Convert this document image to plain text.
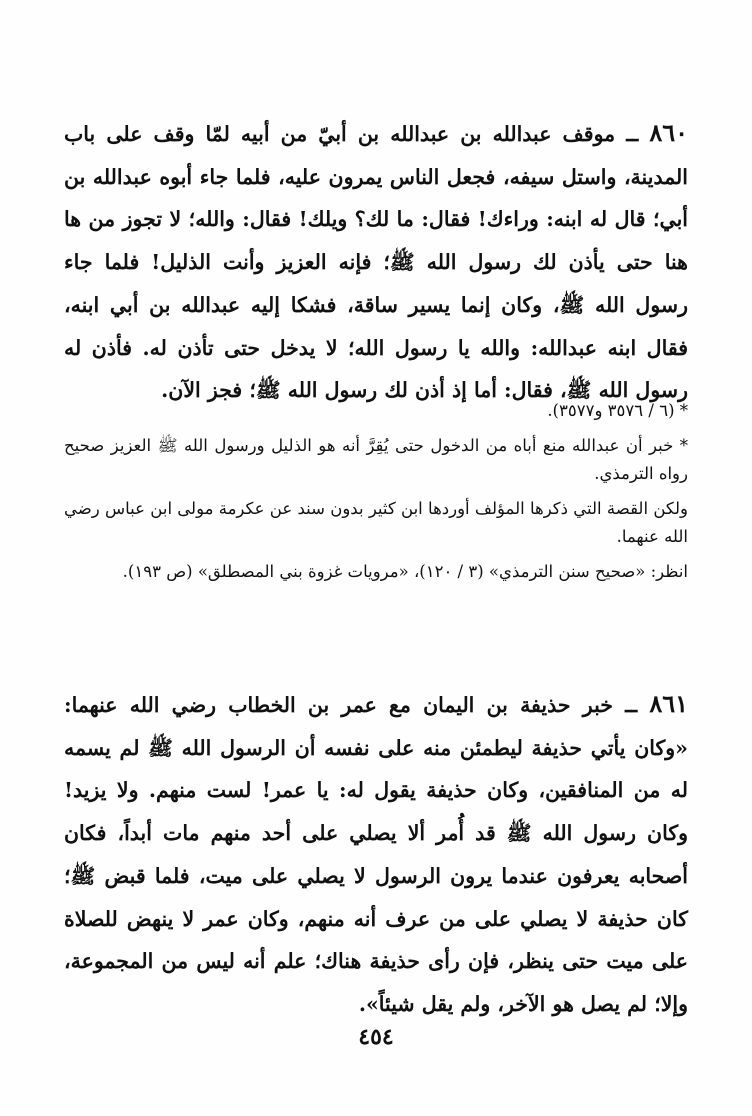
٨٦٠ ــ موقف عبدالله بن عبدالله بن أبيّ من أبيه لمّا وقف على باب المدينة، واستل سيفه، فجعل الناس يمرون عليه، فلما جاء أبوه عبدالله بن أبي؛ قال له ابنه: وراءك! فقال: ما لك؟ ويلك! فقال: والله؛ لا تجوز من ها هنا حتى يأذن لك رسول الله ﷺ؛ فإنه العزيز وأنت الذليل! فلما جاء رسول الله ﷺ، وكان إنما يسير ساقة، فشكا إليه عبدالله بن أبي ابنه، فقال ابنه عبدالله: والله يا رسول الله؛ لا يدخل حتى تأذن له. فأذن له رسول الله ﷺ، فقال: أما إذ أذن لك رسول الله ﷺ؛ فجز الآن.

* (٦ / ٣٥٧٦ و٣٥٧٧).

* خبر أن عبدالله منع أباه من الدخول حتى يُقِرَّ أنه هو الذليل ورسول الله ﷺ العزيز صحيح رواه الترمذي.

ولكن القصة التي ذكرها المؤلف أوردها ابن كثير بدون سند عن عكرمة مولى ابن عباس رضي الله عنهما.

انظر: «صحيح سنن الترمذي» (٣ / ١٢٠)، «مرويات غزوة بني المصطلق» (ص ١٩٣).

٨٦١ ــ خبر حذيفة بن اليمان مع عمر بن الخطاب رضي الله عنهما: «وكان يأتي حذيفة ليطمئن منه على نفسه أن الرسول الله ﷺ لم يسمه له من المنافقين، وكان حذيفة يقول له: يا عمر! لست منهم. ولا يزيد! وكان رسول الله ﷺ قد أُمر ألا يصلي على أحد منهم مات أبداً، فكان أصحابه يعرفون عندما يرون الرسول لا يصلي على ميت، فلما قبض ﷺ؛ كان حذيفة لا يصلي على من عرف أنه منهم، وكان عمر لا ينهض للصلاة على ميت حتى ينظر، فإن رأى حذيفة هناك؛ علم أنه ليس من المجموعة، وإلا؛ لم يصل هو الآخر، ولم يقل شيئاً».

٤٥٤
